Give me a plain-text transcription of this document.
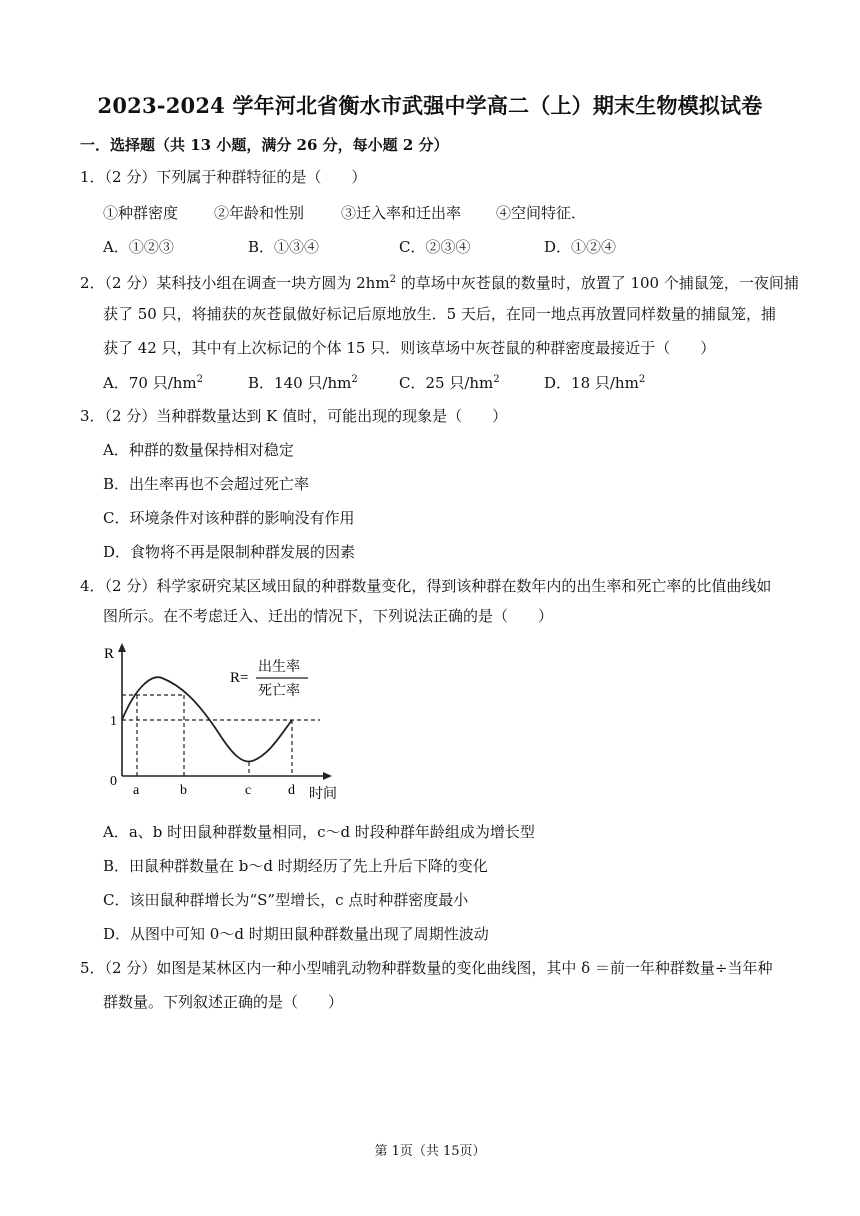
2023-2024 学年河北省衡水市武强中学高二（上）期末生物模拟试卷
一．选择题（共 13 小题，满分 26 分，每小题 2 分）
1．（2 分）下列属于种群特征的是（　　）
①种群密度 ②年龄和性别 ③迁入率和迁出率 ④空间特征．
A．①②③	B．①③④	C．②③④	D．①②④
2．（2 分）某科技小组在调查一块方圆为 $2hm^2$ 的草场中灰苍鼠的数量时，放置了 100 个捕鼠笼，一夜间捕
获了 50 只，将捕获的灰苍鼠做好标记后原地放生．5 天后，在同一地点再放置同样数量的捕鼠笼，捕
获了 42 只，其中有上次标记的个体 15 只．则该草场中灰苍鼠的种群密度最接近于（　　）
A．70 只$/hm^2$	B．140 只$/hm^2$	C．25 只$/hm^2$	D．18 只$/hm^2$
3．（2 分）当种群数量达到 K 值时，可能出现的现象是（　　）
A．种群的数量保持相对稳定
B．出生率再也不会超过死亡率
C．环境条件对该种群的影响没有作用
D．食物将不再是限制种群发展的因素
4．（2 分）科学家研究某区域田鼠的种群数量变化，得到该种群在数年内的出生率和死亡率的比值曲线如
图所示。在不考虑迁入、迁出的情况下，下列说法正确的是（　　）
R
1
0
a	b	c	d 时间
R=
出生率
死亡率
A．a、b 时田鼠种群数量相同，c～d 时段种群年龄组成为增长型
B．田鼠种群数量在 b～d 时期经历了先上升后下降的变化
C．该田鼠种群增长为“S”型增长，c 点时种群密度最小
D．从图中可知 0～d 时期田鼠种群数量出现了周期性波动
5．（2 分）如图是某林区内一种小型哺乳动物种群数量的变化曲线图，其中 δ ＝前一年种群数量÷当年种
群数量。下列叙述正确的是（　　）
第 1页（共 15页）
